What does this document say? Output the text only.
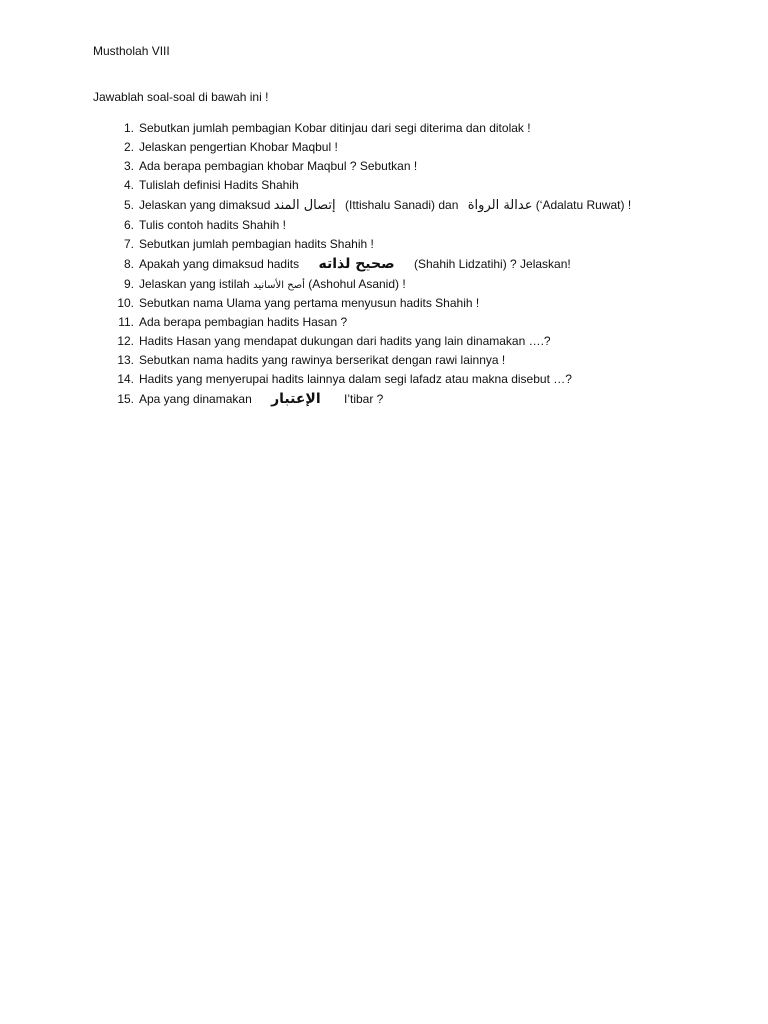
Mustholah VIII
Jawablah soal-soal di bawah ini !
1. Sebutkan jumlah pembagian Kobar ditinjau dari segi diterima dan ditolak !
2. Jelaskan pengertian Khobar Maqbul !
3. Ada berapa pembagian khobar Maqbul ? Sebutkan !
4. Tulislah definisi Hadits Shahih
5. Jelaskan yang dimaksud إتصال المند (Ittishalu Sanadi) dan عدالة الرواة (‘Adalatu Ruwat) !
6. Tulis contoh hadits Shahih !
7. Sebutkan jumlah pembagian hadits Shahih !
8. Apakah yang dimaksud hadits صحيح لذاته (Shahih Lidzatihi) ? Jelaskan!
9. Jelaskan yang istilah أصح الأسانيد (Ashohul Asanid) !
10. Sebutkan nama Ulama yang pertama menyusun hadits Shahih !
11. Ada berapa pembagian hadits Hasan ?
12. Hadits Hasan yang mendapat dukungan dari hadits yang lain dinamakan ….?
13. Sebutkan nama hadits yang rawinya berserikat dengan rawi lainnya !
14. Hadits yang menyerupai hadits lainnya dalam segi lafadz atau makna disebut …?
15. Apa yang dinamakan الإعتبار I’tibar ?
